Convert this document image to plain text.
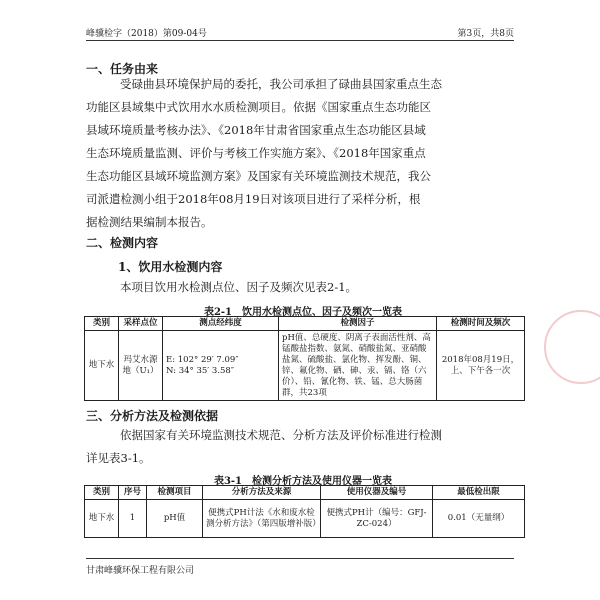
峰骥检字（2018）第09-04号	第3页，共8页
一、任务由来
受碌曲县环境保护局的委托，我公司承担了碌曲县国家重点生态
功能区县域集中式饮用水水质检测项目。依据《国家重点生态功能区
县域环境质量考核办法》、《2018年甘肃省国家重点生态功能区县域
生态环境质量监测、评价与考核工作实施方案》、《2018年国家重点
生态功能区县域环境监测方案》及国家有关环境监测技术规范，我公
司派遣检测小组于2018年08月19日对该项目进行了采样分析，根
据检测结果编制本报告。
二、检测内容
1、饮用水检测内容
本项目饮用水检测点位、因子及频次见表2-1。
表2-1　饮用水检测点位、因子及频次一览表
类别	采样点位	测点经纬度	检测因子	检测时间及频次
地下水	玛艾水源地（U₁）	E: 102° 29′ 7.09″
N: 34° 35′ 3.58″	pH值、总硬度、阴离子表面活性剂、高锰酸盐指数、氨氮、硝酸盐氮、亚硝酸盐氮、硫酸盐、氯化物、挥发酚、铜、锌、氟化物、硒、砷、汞、镉、铬（六价）、铅、氰化物、铁、锰、总大肠菌群，共23项	2018年08月19日，上、下午各一次
三、分析方法及检测依据
依据国家有关环境监测技术规范、分析方法及评价标准进行检测
详见表3-1。
表3-1　检测分析方法及使用仪器一览表
类别	序号	检测项目	分析方法及来源	使用仪器及编号	最低检出限
地下水	1	pH值	便携式PH计法《水和废水检测分析方法》（第四版增补版）	便携式PH计（编号：GFJ-ZC-024）	0.01（无量纲）
甘肃峰骥环保工程有限公司
